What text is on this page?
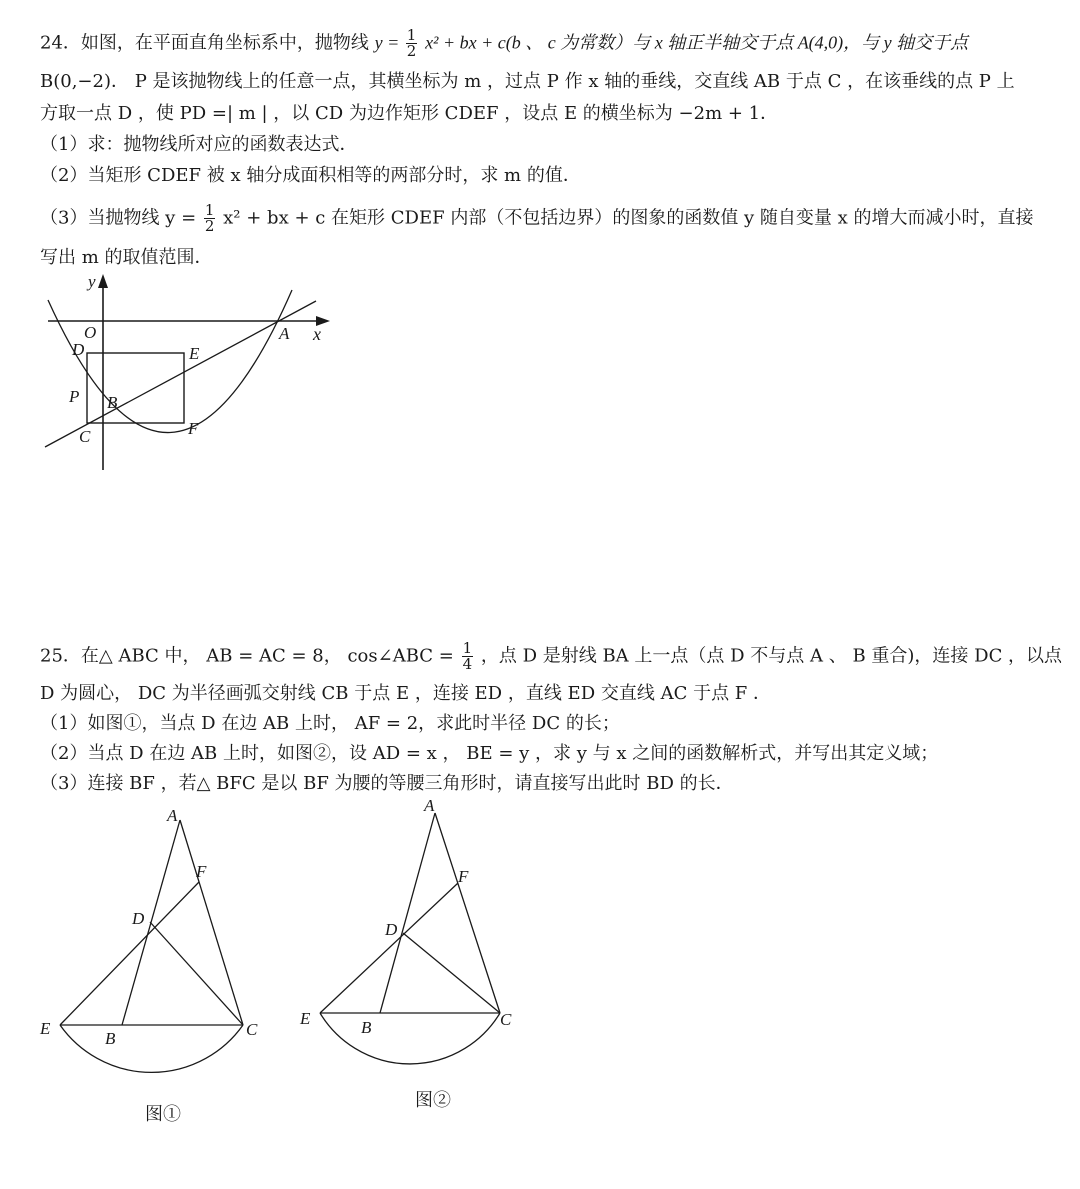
24．如图，在平面直角坐标系中，抛物线 $y = \frac{1}{2} x^2$ + bx + c(b 、 c 为常数）与 x 轴正半轴交于点 A(4,0)，与 y 轴交于点
B(0,−2)． P 是该抛物线上的任意一点，其横坐标为 m ，过点 P 作 x 轴的垂线，交直线 AB 于点 C ，在该垂线的点 P 上
方取一点 D ，使 PD =| m | ，以 CD 为边作矩形 CDEF ，设点 E 的横坐标为 −2m + 1．
（1）求：抛物线所对应的函数表达式．
（2）当矩形 CDEF 被 x 轴分成面积相等的两部分时，求 m 的值．
（3）当抛物线 $y = \frac{1}{2} x^2$ + bx + c 在矩形 CDEF 内部（不包括边界）的图象的函数值 y 随自变量 x 的增大而减小时，直接
写出 m 的取值范围．
y
x
O	A
D	E
P B
C	F
25．在△ ABC 中， AB = AC = 8， cos∠ABC = $\frac{1}{4}$ ，点 D 是射线 BA 上一点（点 D 不与点 A 、 B 重合)，连接 DC ，以点
D 为圆心， DC 为半径画弧交射线 CB 于点 E ，连接 ED ，直线 ED 交直线 AC 于点 F ．
（1）如图①，当点 D 在边 AB 上时， AF = 2，求此时半径 DC 的长；
（2）当点 D 在边 AB 上时，如图②，设 AD = x ， BE = y ，求 y 与 x 之间的函数解析式，并写出其定义域；
（3）连接 BF ，若△ BFC 是以 BF 为腰的等腰三角形时，请直接写出此时 BD 的长．
A
F
D
E
B	C
图①
A
F
D
E	B	C
图②
